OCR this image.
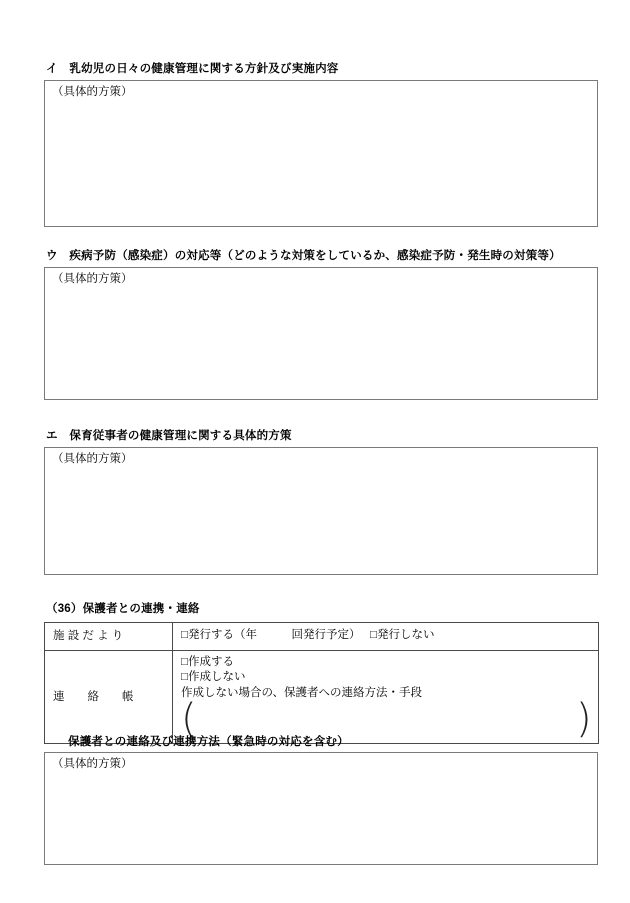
イ　乳幼児の日々の健康管理に関する方針及び実施内容
（具体的方策）
ウ　疾病予防（感染症）の対応等（どのような対策をしているか、感染症予防・発生時の対策等）
（具体的方策）
エ　保育従事者の健康管理に関する具体的方策
（具体的方策）
（36）保護者との連携・連絡
施 設 だ よ り	□発行する（年　　　回発行予定） □発行しない

連　　絡　　帳	□作成する
□作成しない
作成しない場合の、保護者への連絡方法・手段
( )
保護者との連絡及び連携方法（緊急時の対応を含む）
（具体的方策）
